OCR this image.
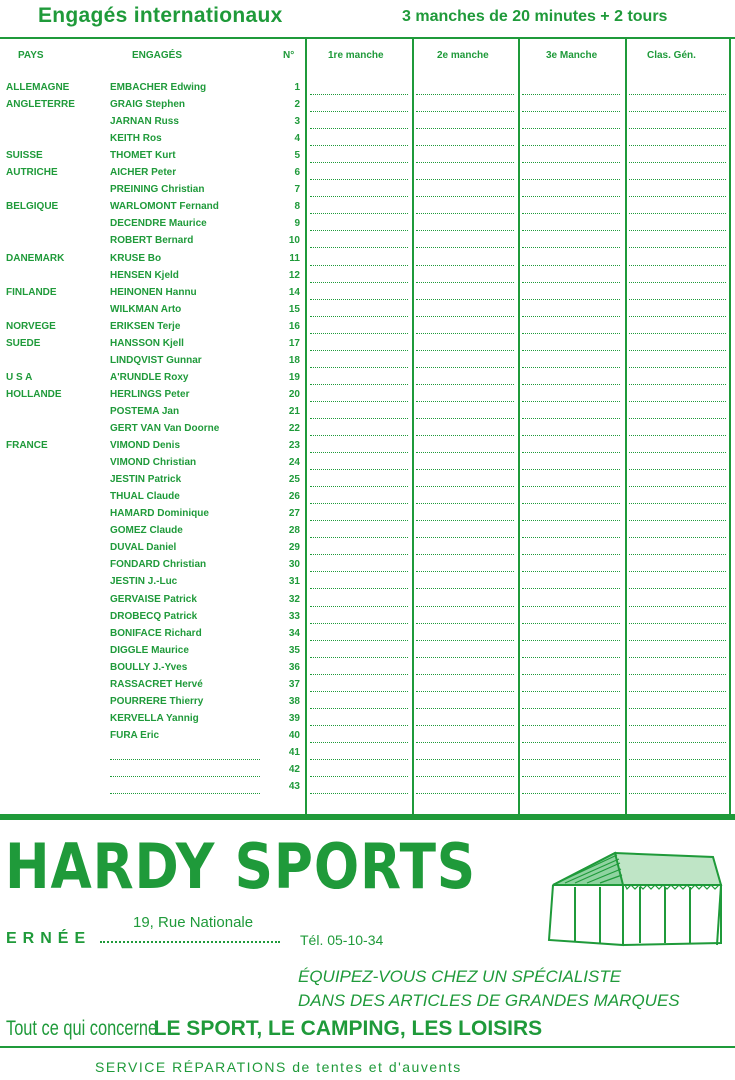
Engagés internationaux	3 manches de 20 minutes + 2 tours
PAYS	ENGAGÉS	N°	1re manche	2e manche	3e Manche	Clas. Gén.
ALLEMAGNE	EMBACHER Edwing	1
ANGLETERRE	GRAIG Stephen	2
JARNAN Russ	3
KEITH Ros	4
SUISSE	THOMET Kurt	5
AUTRICHE	AICHER Peter	6
PREINING Christian	7
BELGIQUE	WARLOMONT Fernand	8
DECENDRE Maurice	9
ROBERT Bernard	10
DANEMARK	KRUSE Bo	11
HENSEN Kjeld	12
FINLANDE	HEINONEN Hannu	14
WILKMAN Arto	15
NORVEGE	ERIKSEN Terje	16
SUEDE	HANSSON Kjell	17
LINDQVIST Gunnar	18
U S A	A'RUNDLE Roxy	19
HOLLANDE	HERLINGS Peter	20
POSTEMA Jan	21
GERT VAN Van Doorne	22
FRANCE	VIMOND Denis	23
VIMOND Christian	24
JESTIN Patrick	25
THUAL Claude	26
HAMARD Dominique	27
GOMEZ Claude	28
DUVAL Daniel	29
FONDARD Christian	30
JESTIN J.-Luc	31
GERVAISE Patrick	32
DROBECQ Patrick	33
BONIFACE Richard	34
DIGGLE Maurice	35
BOULLY J.-Yves	36
RASSACRET Hervé	37
POURRERE Thierry	38
KERVELLA Yannig	39
FURA Eric	40
41
42
43
HARDY SPORTS
19, Rue Nationale
ERNÉE	Tél. 05-10-34
ÉQUIPEZ-VOUS CHEZ UN SPÉCIALISTE
DANS DES ARTICLES DE GRANDES MARQUES
Tout ce qui concerne LE SPORT, LE CAMPING, LES LOISIRS
SERVICE RÉPARATIONS de tentes et d'auvents
